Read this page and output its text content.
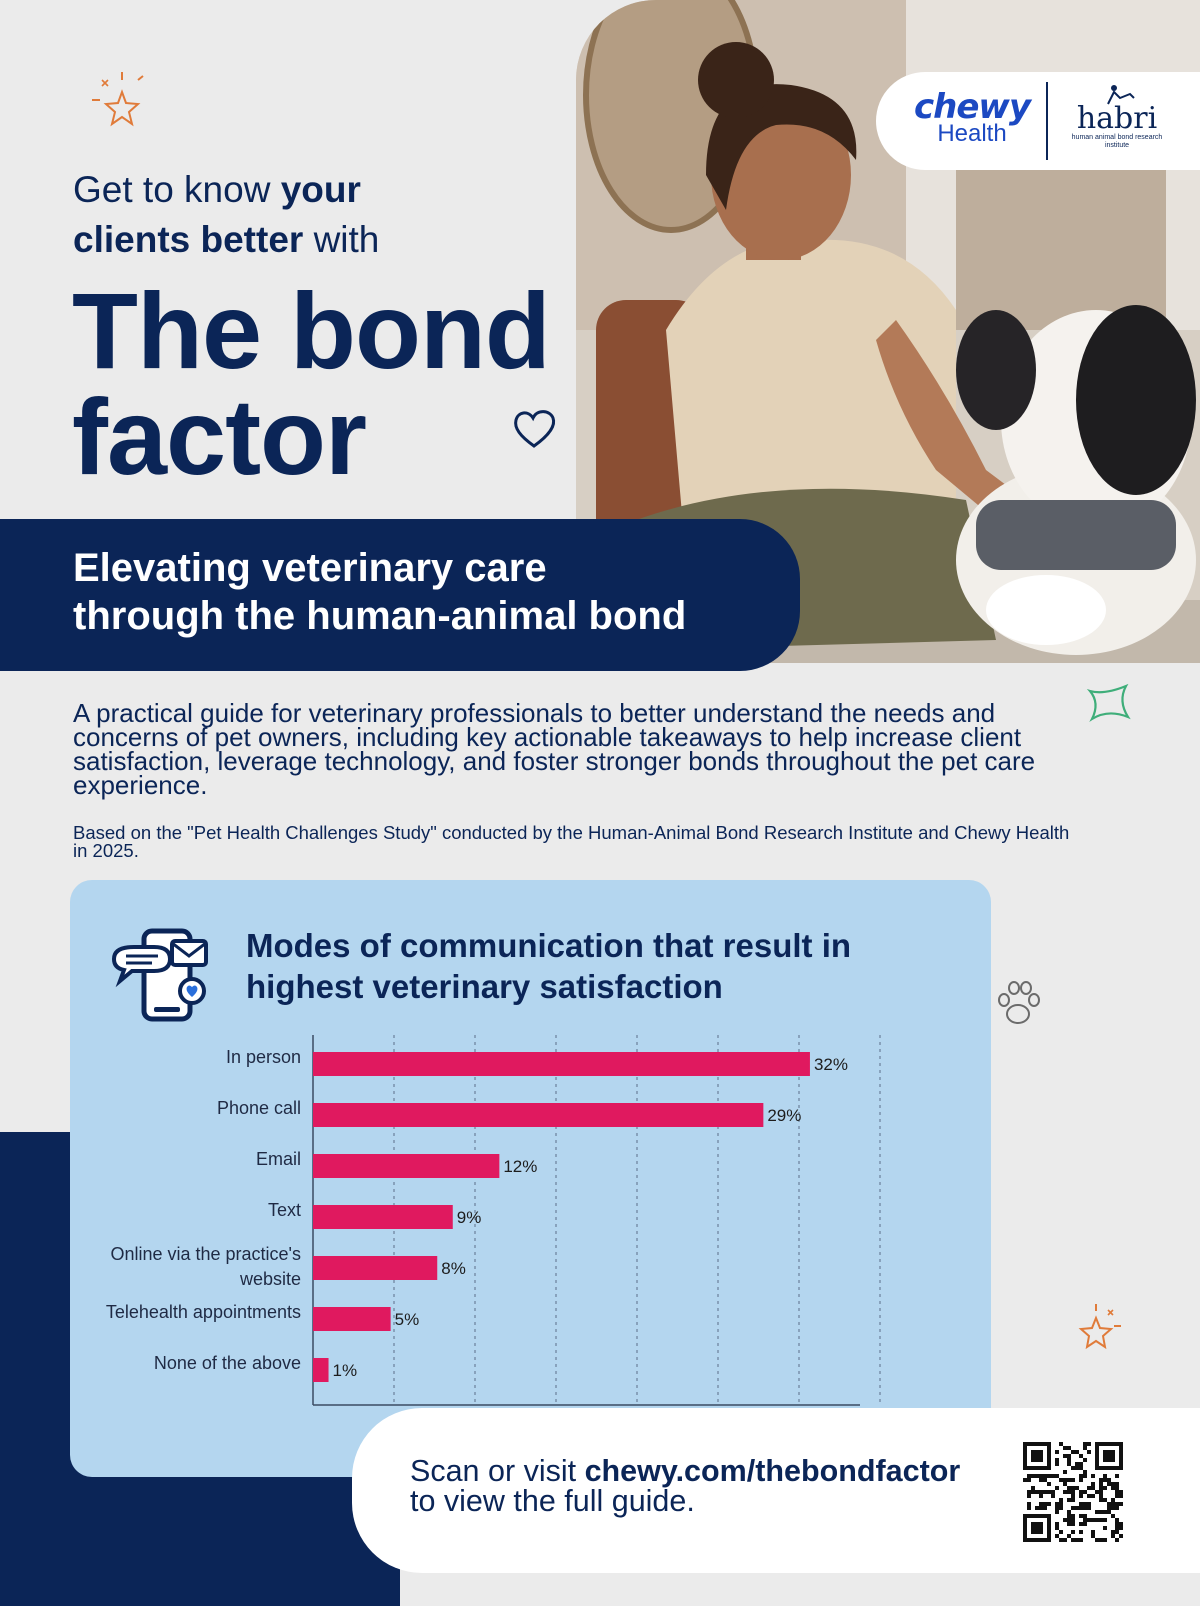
chewy
Health	habri
human animal bond research institute
Get to know your
clients better with
The bond
factor
Elevating veterinary care
through the human-animal bond
A practical guide for veterinary professionals to better understand the needs and concerns of pet owners, including key actionable takeaways to help increase client satisfaction, leverage technology, and foster stronger bonds throughout the pet care experience.
Based on the "Pet Health Challenges Study" conducted by the Human-Animal Bond Research Institute and Chewy Health in 2025.
Modes of communication that result in highest veterinary satisfaction
32%
In person
29%
Phone call
12%
Email
9%
Text
8%
Online via the practice's
website
5%
Telehealth appointments
1%
None of the above
Scan or visit chewy.com/thebondfactor
to view the full guide.
